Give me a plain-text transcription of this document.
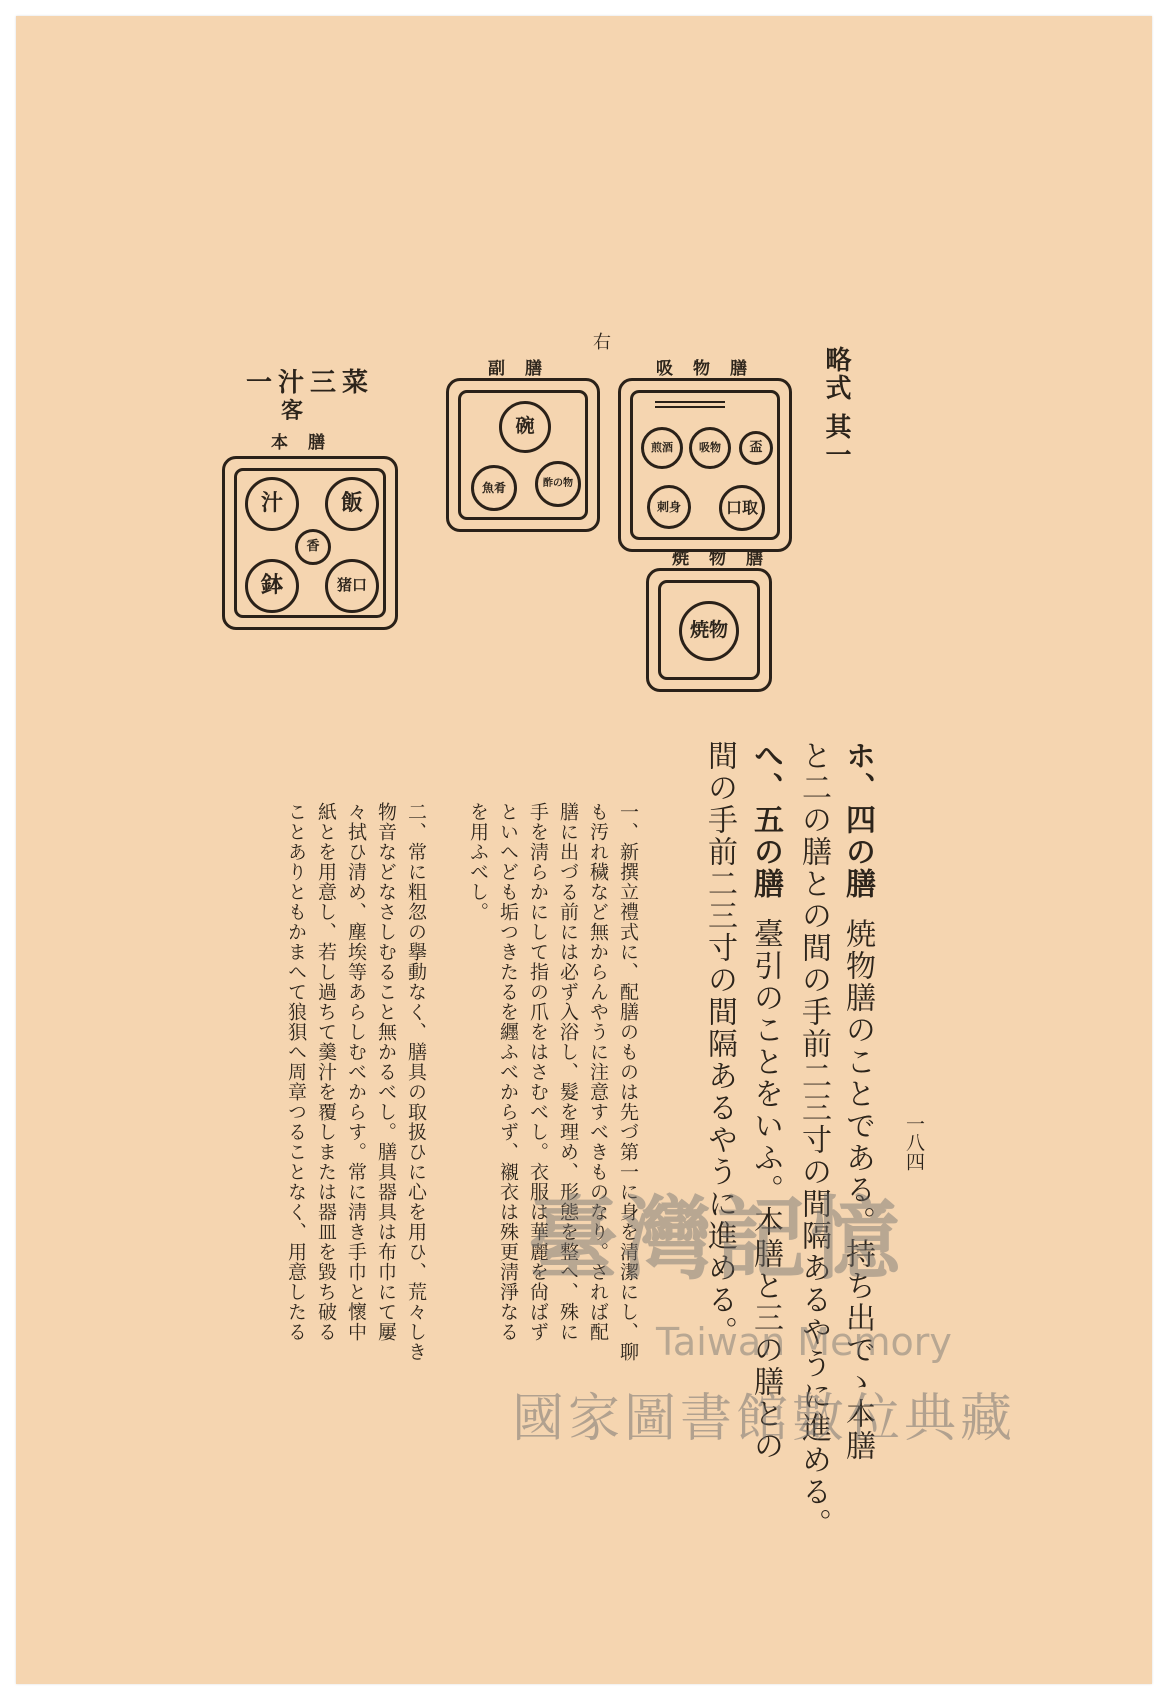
略式 其一
右
吸物膳
煎酒 吸物 盃
刺身	口取
副膳
碗
魚肴	酢の物
一汁三菜
客
本膳
飯
汁
香
鉢	猪口
焼物膳
焼物
一八四
ホ、四の膳
焼物膳のことである。持ち出でゝ本膳
と二の膳との間の手前二三寸の間隔あるやうに進める。
へ、五の膳
臺引のことをいふ。本膳と三の膳との
間の手前二三寸の間隔あるやうに進める。
一、新撰立禮式に、配膳のものは先づ第一に身を清潔にし、聊
も汚れ穢など無からんやうに注意すべきものなり。されば配
膳に出づる前には必ず入浴し、髮を理め、形態を整へ、殊に
手を淸らかにして指の爪をはさむべし。衣服は華麗を尙ばず
といへども垢つきたるを纒ふべからず、襯衣は殊更淸淨なる
を用ふべし。
二、常に粗忽の擧動なく、膳具の取扱ひに心を用ひ、荒々しき
物音などなさしむること無かるべし。膳具器具は布巾にて屢
々拭ひ清め、塵埃等あらしむべからす。常に淸き手巾と懷中
紙とを用意し、若し過ちて羹汁を覆しまたは器皿を毀ち破る
ことありともかまへて狼狽へ周章つることなく、用意したる 臺灣記憶
Taiwan Memory
國家圖書館數位典藏
